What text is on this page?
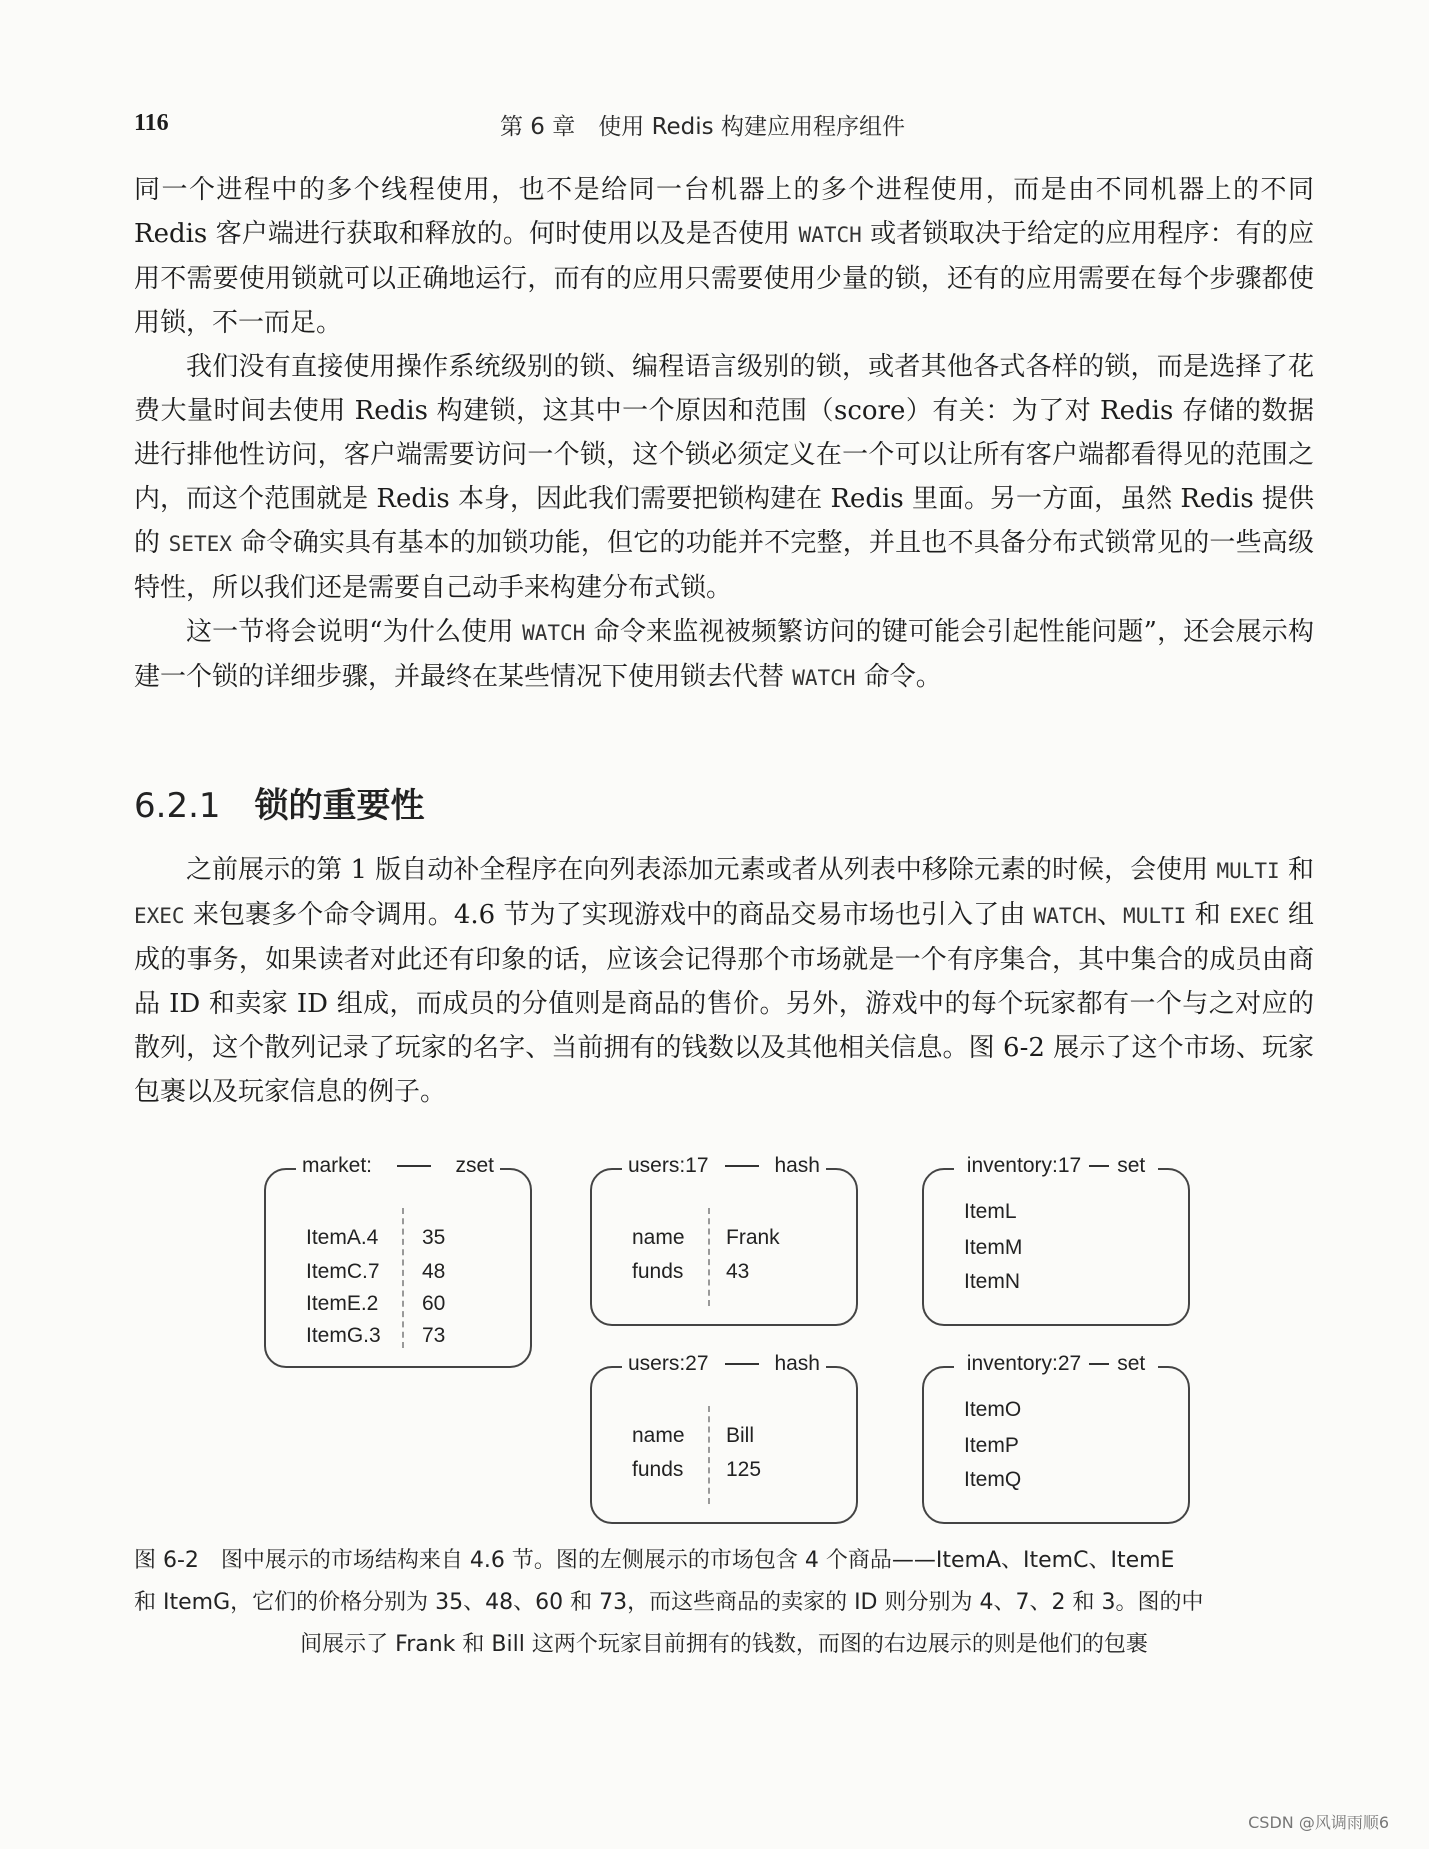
116	第 6 章　使用 Redis 构建应用程序组件

同一个进程中的多个线程使用，也不是给同一台机器上的多个进程使用，而是由不同机器上的不同 Redis 客户端进行获取和释放的。何时使用以及是否使用 WATCH 或者锁取决于给定的应用程序：有的应用不需要使用锁就可以正确地运行，而有的应用只需要使用少量的锁，还有的应用需要在每个步骤都使用锁，不一而足。

我们没有直接使用操作系统级别的锁、编程语言级别的锁，或者其他各式各样的锁，而是选择了花费大量时间去使用 Redis 构建锁，这其中一个原因和范围（score）有关：为了对 Redis 存储的数据进行排他性访问，客户端需要访问一个锁，这个锁必须定义在一个可以让所有客户端都看得见的范围之内，而这个范围就是 Redis 本身，因此我们需要把锁构建在 Redis 里面。另一方面，虽然 Redis 提供的 SETEX 命令确实具有基本的加锁功能，但它的功能并不完整，并且也不具备分布式锁常见的一些高级特性，所以我们还是需要自己动手来构建分布式锁。

这一节将会说明“为什么使用 WATCH 命令来监视被频繁访问的键可能会引起性能问题”，还会展示构建一个锁的详细步骤，并最终在某些情况下使用锁去代替 WATCH 命令。

6.2.1 锁的重要性

之前展示的第 1 版自动补全程序在向列表添加元素或者从列表中移除元素的时候，会使用 MULTI 和 EXEC 来包裹多个命令调用。4.6 节为了实现游戏中的商品交易市场也引入了由 WATCH、MULTI 和 EXEC 组成的事务，如果读者对此还有印象的话，应该会记得那个市场就是一个有序集合，其中集合的成员由商品 ID 和卖家 ID 组成，而成员的分值则是商品的售价。另外，游戏中的每个玩家都有一个与之对应的散列，这个散列记录了玩家的名字、当前拥有的钱数以及其他相关信息。图 6-2 展示了这个市场、玩家包裹以及玩家信息的例子。

market:	zset
ItemA.4 35
ItemC.7 48
ItemE.2 60
ItemG.3 73
users:17	hash
name Frank
funds 43
inventory:17 set
ItemL
ItemM
ItemN
users:27	hash
name Bill
funds 125
inventory:27 set
ItemO
ItemP
ItemQ
图 6-2　图中展示的市场结构来自 4.6 节。图的左侧展示的市场包含 4 个商品——ItemA、ItemC、ItemE
和 ItemG，它们的价格分别为 35、48、60 和 73，而这些商品的卖家的 ID 则分别为 4、7、2 和 3。图的中

间展示了 Frank 和 Bill 这两个玩家目前拥有的钱数，而图的右边展示的则是他们的包裹
CSDN @风调雨顺6
